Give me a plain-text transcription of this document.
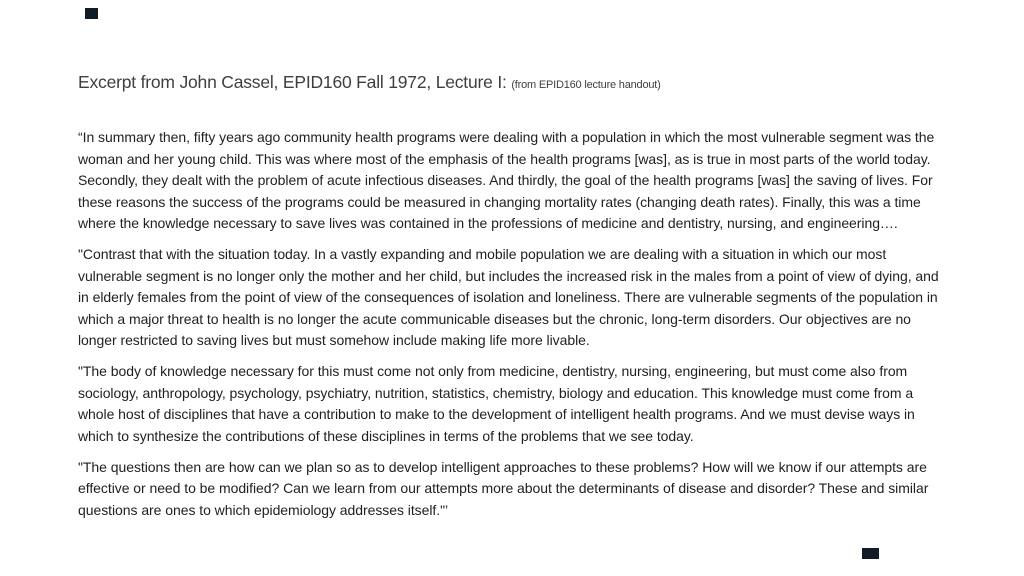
Excerpt from John Cassel, EPID160 Fall 1972, Lecture I: (from EPID160 lecture handout)

“In summary then, fifty years ago community health programs were dealing with a population in which the most vulnerable segment was the woman and her young child. This was where most of the emphasis of the health programs [was], as is true in most parts of the world today. Secondly, they dealt with the problem of acute infectious diseases. And thirdly, the goal of the health programs [was] the saving of lives. For these reasons the success of the programs could be measured in changing mortality rates (changing death rates). Finally, this was a time where the knowledge necessary to save lives was contained in the professions of medicine and dentistry, nursing, and engineering….

"Contrast that with the situation today. In a vastly expanding and mobile population we are dealing with a situation in which our most vulnerable segment is no longer only the mother and her child, but includes the increased risk in the males from a point of view of dying, and in elderly females from the point of view of the consequences of isolation and loneliness. There are vulnerable segments of the population in which a major threat to health is no longer the acute communicable diseases but the chronic, long-term disorders. Our objectives are no longer restricted to saving lives but must somehow include making life more livable.

"The body of knowledge necessary for this must come not only from medicine, dentistry, nursing, engineering, but must come also from sociology, anthropology, psychology, psychiatry, nutrition, statistics, chemistry, biology and education. This knowledge must come from a whole host of disciplines that have a contribution to make to the development of intelligent health programs. And we must devise ways in which to synthesize the contributions of these disciplines in terms of the problems that we see today.

"The questions then are how can we plan so as to develop intelligent approaches to these problems? How will we know if our attempts are effective or need to be modified? Can we learn from our attempts more about the determinants of disease and disorder? These and similar questions are ones to which epidemiology addresses itself."’
